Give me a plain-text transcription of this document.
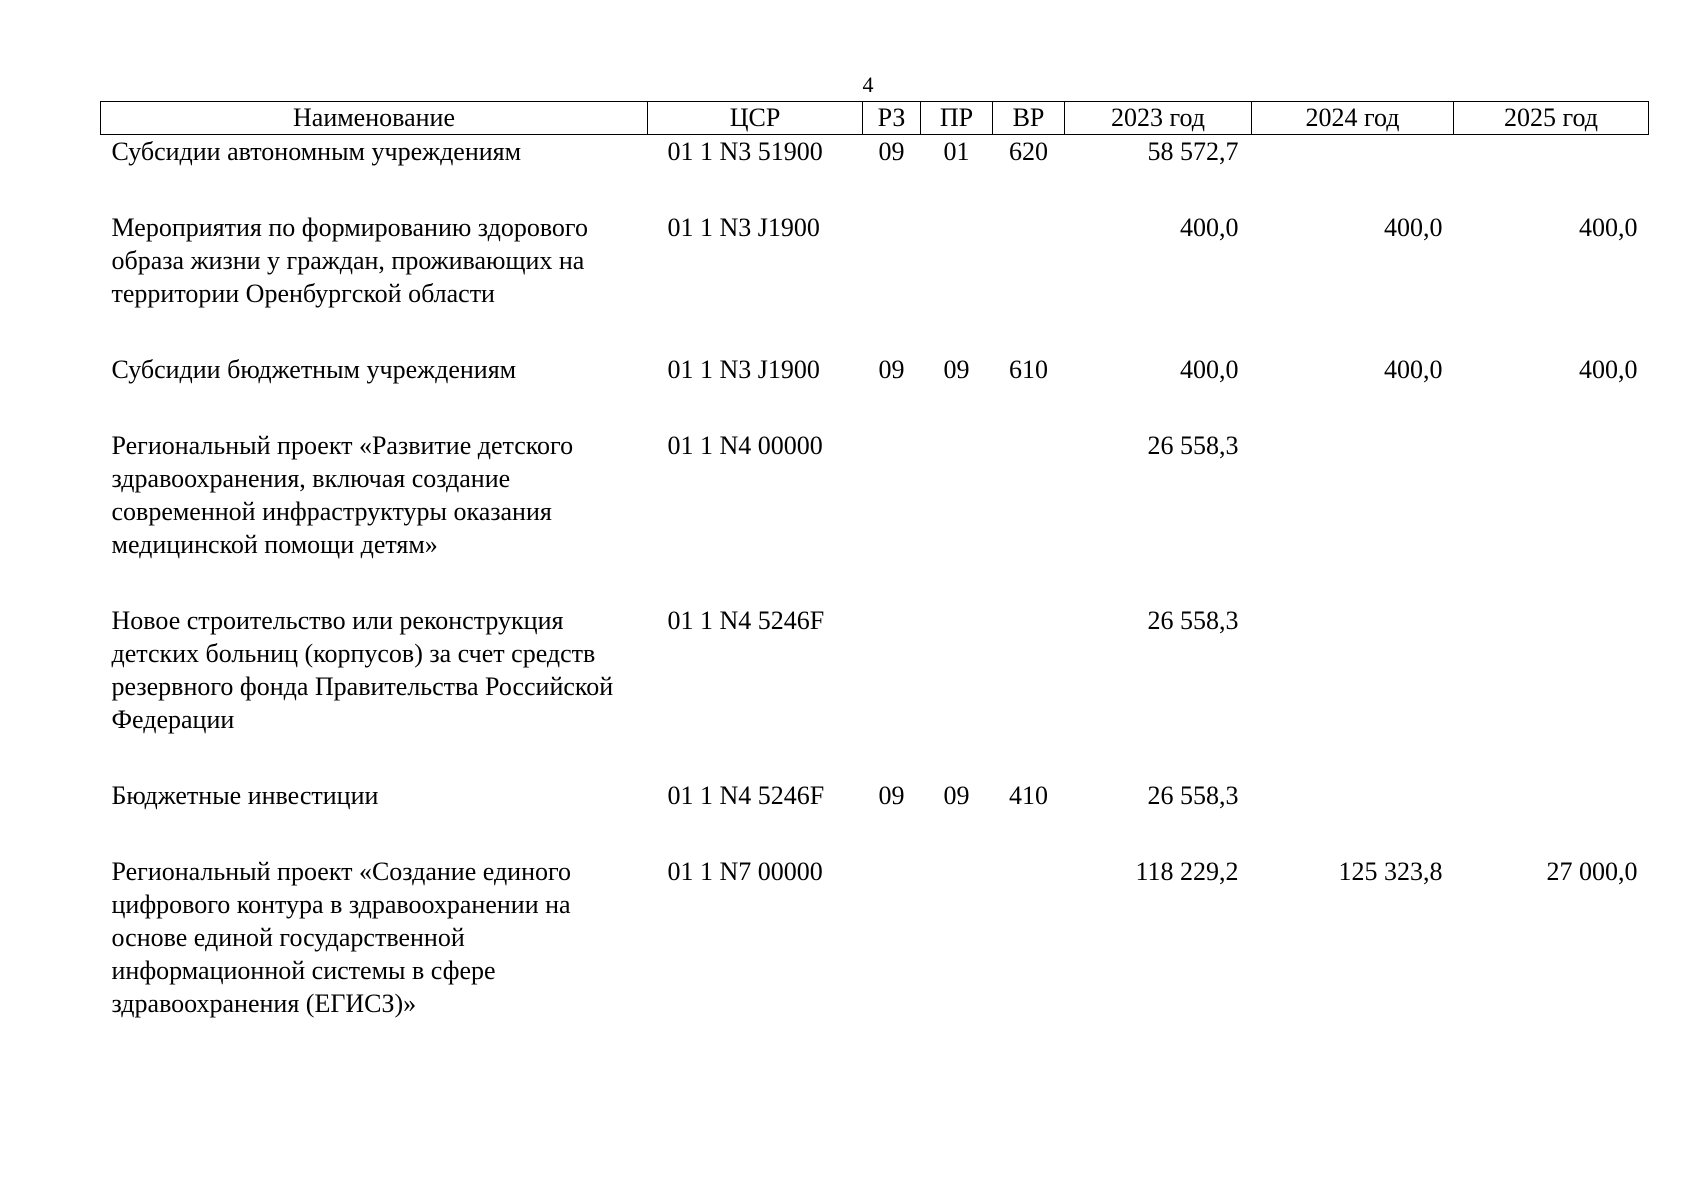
4
Наименование	ЦСР	РЗ	ПР	ВР	2023 год	2024 год	2025 год
Субсидии автономным учреждениям	01 1 N3 51900	09	01	620	58 572,7		
Мероприятия по формированию здорового образа жизни у граждан, проживающих на территории Оренбургской области	01 1 N3 J1900				400,0	400,0	400,0
Субсидии бюджетным учреждениям	01 1 N3 J1900	09	09	610	400,0	400,0	400,0
Региональный проект «Развитие детского здравоохранения, включая создание современной инфраструктуры оказания медицинской помощи детям»	01 1 N4 00000				26 558,3		
Новое строительство или реконструкция детских больниц (корпусов) за счет средств резервного фонда Правительства Российской Федерации	01 1 N4 5246F				26 558,3		
Бюджетные инвестиции	01 1 N4 5246F	09	09	410	26 558,3		
Региональный проект «Создание единого цифрового контура в здравоохранении на основе единой государственной информационной системы в сфере здравоохранения (ЕГИСЗ)»	01 1 N7 00000				118 229,2	125 323,8	27 000,0
